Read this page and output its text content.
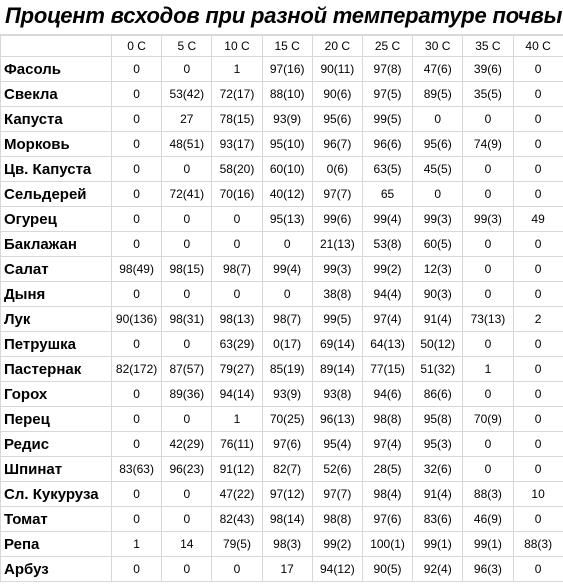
Процент всходов при разной температуре почвы
	0 C	5 C	10 C	15 C	20 C	25 C	30 C	35 C	40 C
Фасоль	0	0	1	97(16)	90(11)	97(8)	47(6)	39(6)	0
Свекла	0	53(42)	72(17)	88(10)	90(6)	97(5)	89(5)	35(5)	0
Капуста	0	27	78(15)	93(9)	95(6)	99(5)	0	0	0
Морковь	0	48(51)	93(17)	95(10)	96(7)	96(6)	95(6)	74(9)	0
Цв. Капуста	0	0	58(20)	60(10)	0(6)	63(5)	45(5)	0	0
Сельдерей	0	72(41)	70(16)	40(12)	97(7)	65	0	0	0
Огурец	0	0	0	95(13)	99(6)	99(4)	99(3)	99(3)	49
Баклажан	0	0	0	0	21(13)	53(8)	60(5)	0	0
Салат	98(49)	98(15)	98(7)	99(4)	99(3)	99(2)	12(3)	0	0
Дыня	0	0	0	0	38(8)	94(4)	90(3)	0	0
Лук	90(136)	98(31)	98(13)	98(7)	99(5)	97(4)	91(4)	73(13)	2
Петрушка	0	0	63(29)	0(17)	69(14)	64(13)	50(12)	0	0
Пастернак	82(172)	87(57)	79(27)	85(19)	89(14)	77(15)	51(32)	1	0
Горох	0	89(36)	94(14)	93(9)	93(8)	94(6)	86(6)	0	0
Перец	0	0	1	70(25)	96(13)	98(8)	95(8)	70(9)	0
Редис	0	42(29)	76(11)	97(6)	95(4)	97(4)	95(3)	0	0
Шпинат	83(63)	96(23)	91(12)	82(7)	52(6)	28(5)	32(6)	0	0
Сл. Кукуруза	0	0	47(22)	97(12)	97(7)	98(4)	91(4)	88(3)	10
Томат	0	0	82(43)	98(14)	98(8)	97(6)	83(6)	46(9)	0
Репа	1	14	79(5)	98(3)	99(2)	100(1)	99(1)	99(1)	88(3)
Арбуз	0	0	0	17	94(12)	90(5)	92(4)	96(3)	0
